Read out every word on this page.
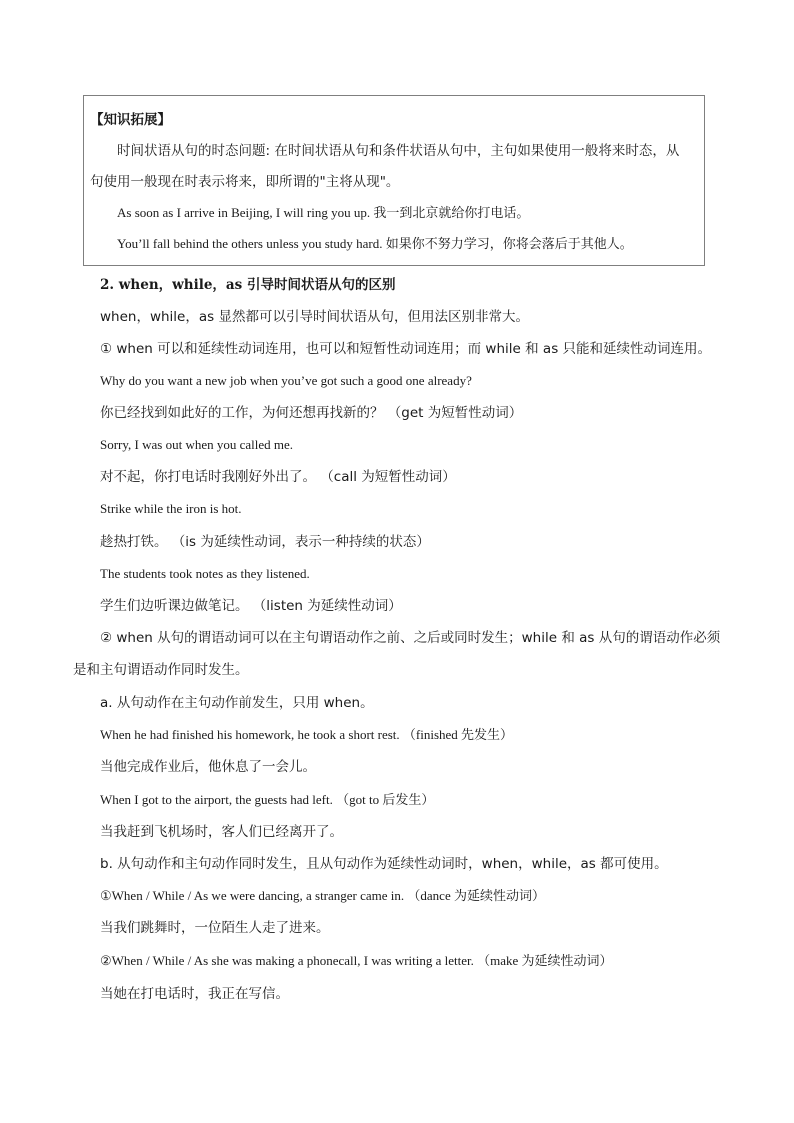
【知识拓展】
时间状语从句的时态问题: 在时间状语从句和条件状语从句中，主句如果使用一般将来时态，从
句使用一般现在时表示将来，即所谓的"主将从现"。
As soon as I arrive in Beijing, I will ring you up. 我一到北京就给你打电话。
You’ll fall behind the others unless you study hard. 如果你不努力学习，你将会落后于其他人。
2. when，while，as 引导时间状语从句的区别
when，while，as 显然都可以引导时间状语从句，但用法区别非常大。
① when 可以和延续性动词连用，也可以和短暂性动词连用；而 while 和 as 只能和延续性动词连用。
Why do you want a new job when you’ve got such a good one already?
你已经找到如此好的工作，为何还想再找新的？ （get 为短暂性动词）
Sorry, I was out when you called me.
对不起，你打电话时我刚好外出了。 （call 为短暂性动词）
Strike while the iron is hot.
趁热打铁。 （is 为延续性动词，表示一种持续的状态）
The students took notes as they listened.
学生们边听课边做笔记。 （listen 为延续性动词）
② when 从句的谓语动词可以在主句谓语动作之前、之后或同时发生；while 和 as 从句的谓语动作必须
是和主句谓语动作同时发生。
a. 从句动作在主句动作前发生，只用 when。
When he had finished his homework, he took a short rest. （finished 先发生）
当他完成作业后，他休息了一会儿。
When I got to the airport, the guests had left. （got to 后发生）
当我赶到飞机场时，客人们已经离开了。
b. 从句动作和主句动作同时发生，且从句动作为延续性动词时，when，while，as 都可使用。
①When / While / As we were dancing, a stranger came in. （dance 为延续性动词）
当我们跳舞时，一位陌生人走了进来。
②When / While / As she was making a phonecall, I was writing a letter. （make 为延续性动词）
当她在打电话时，我正在写信。
